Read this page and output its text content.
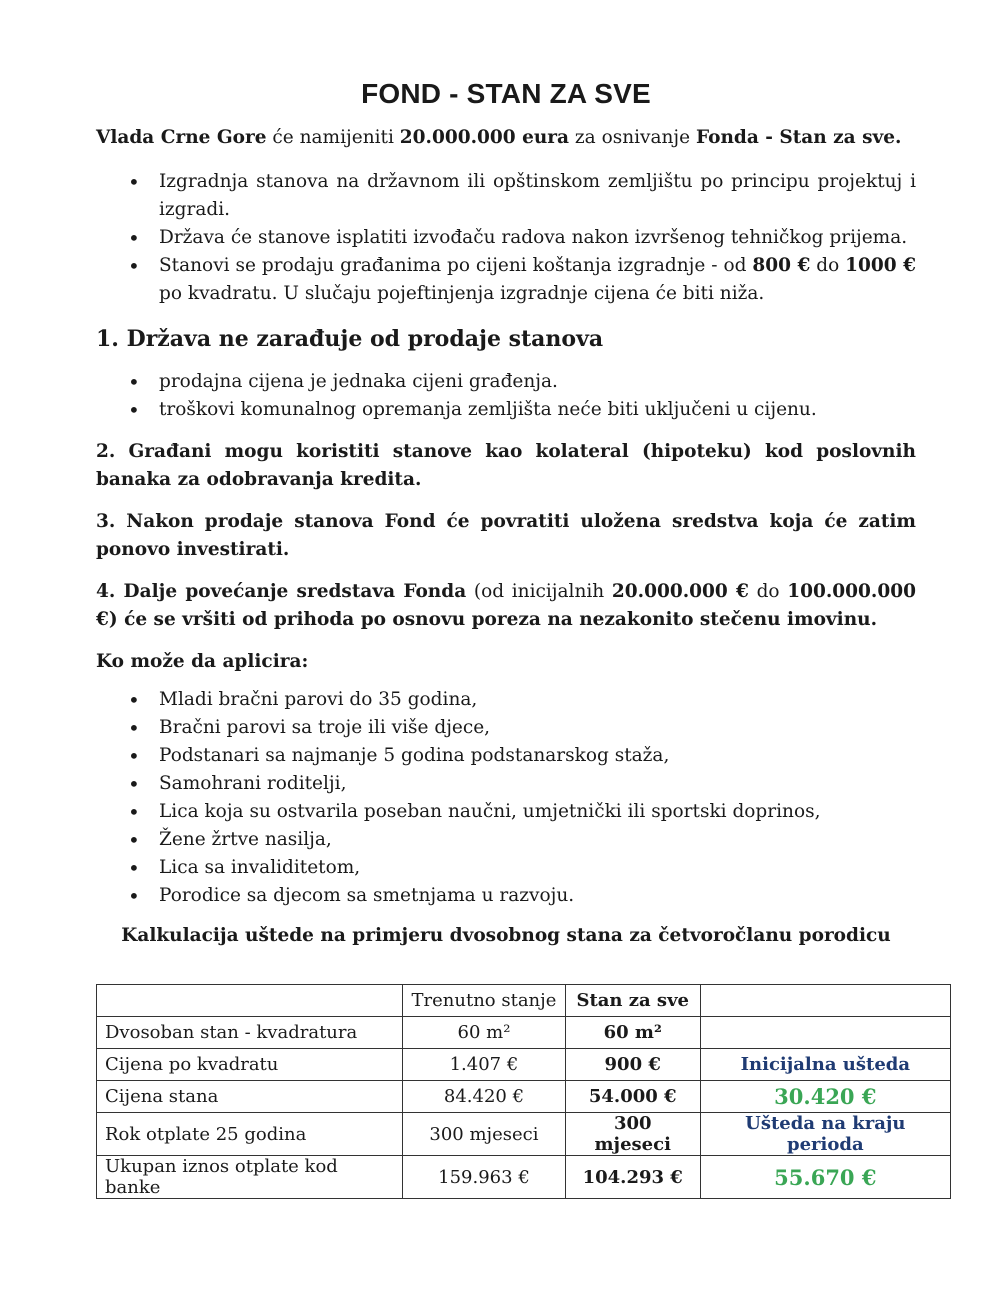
FOND - STAN ZA SVE

Vlada Crne Gore će namijeniti 20.000.000 eura za osnivanje Fonda - Stan za sve.

• Izgradnja stanova na državnom ili opštinskom zemljištu po principu projektuj i izgradi.
• Država će stanove isplatiti izvođaču radova nakon izvršenog tehničkog prijema.
• Stanovi se prodaju građanima po cijeni koštanja izgradnje - od 800 € do 1000 € po kvadratu. U slučaju pojeftinjenja izgradnje cijena će biti niža.
1. Država ne zarađuje od prodaje stanova
• prodajna cijena je jednaka cijeni građenja.
• troškovi komunalnog opremanja zemljišta neće biti uključeni u cijenu.

2. Građani mogu koristiti stanove kao kolateral (hipoteku) kod poslovnih banaka za odobravanja kredita.

3. Nakon prodaje stanova Fond će povratiti uložena sredstva koja će zatim ponovo investirati.

4. Dalje povećanje sredstava Fonda (od inicijalnih 20.000.000 € do 100.000.000 €) će se vršiti od prihoda po osnovu poreza na nezakonito stečenu imovinu.

Ko može da aplicira:

• Mladi bračni parovi do 35 godina,
• Bračni parovi sa troje ili više djece,
• Podstanari sa najmanje 5 godina podstanarskog staža,
• Samohrani roditelji,
• Lica koja su ostvarila poseban naučni, umjetnički ili sportski doprinos,
• Žene žrtve nasilja,
• Lica sa invaliditetom,
• Porodice sa djecom sa smetnjama u razvoju.

Kalkulacija uštede na primjeru dvosobnog stana za četvoročlanu porodicu

	Trenutno stanje	Stan za sve	
Dvosoban stan - kvadratura	60 m²	60 m²	
Cijena po kvadratu	1.407 €	900 €	Inicijalna ušteda
Cijena stana	84.420 €	54.000 €	30.420 €
Rok otplate 25 godina	300 mjeseci	300 mjeseci	Ušteda na kraju perioda
Ukupan iznos otplate kod banke	159.963 €	104.293 €	55.670 €
